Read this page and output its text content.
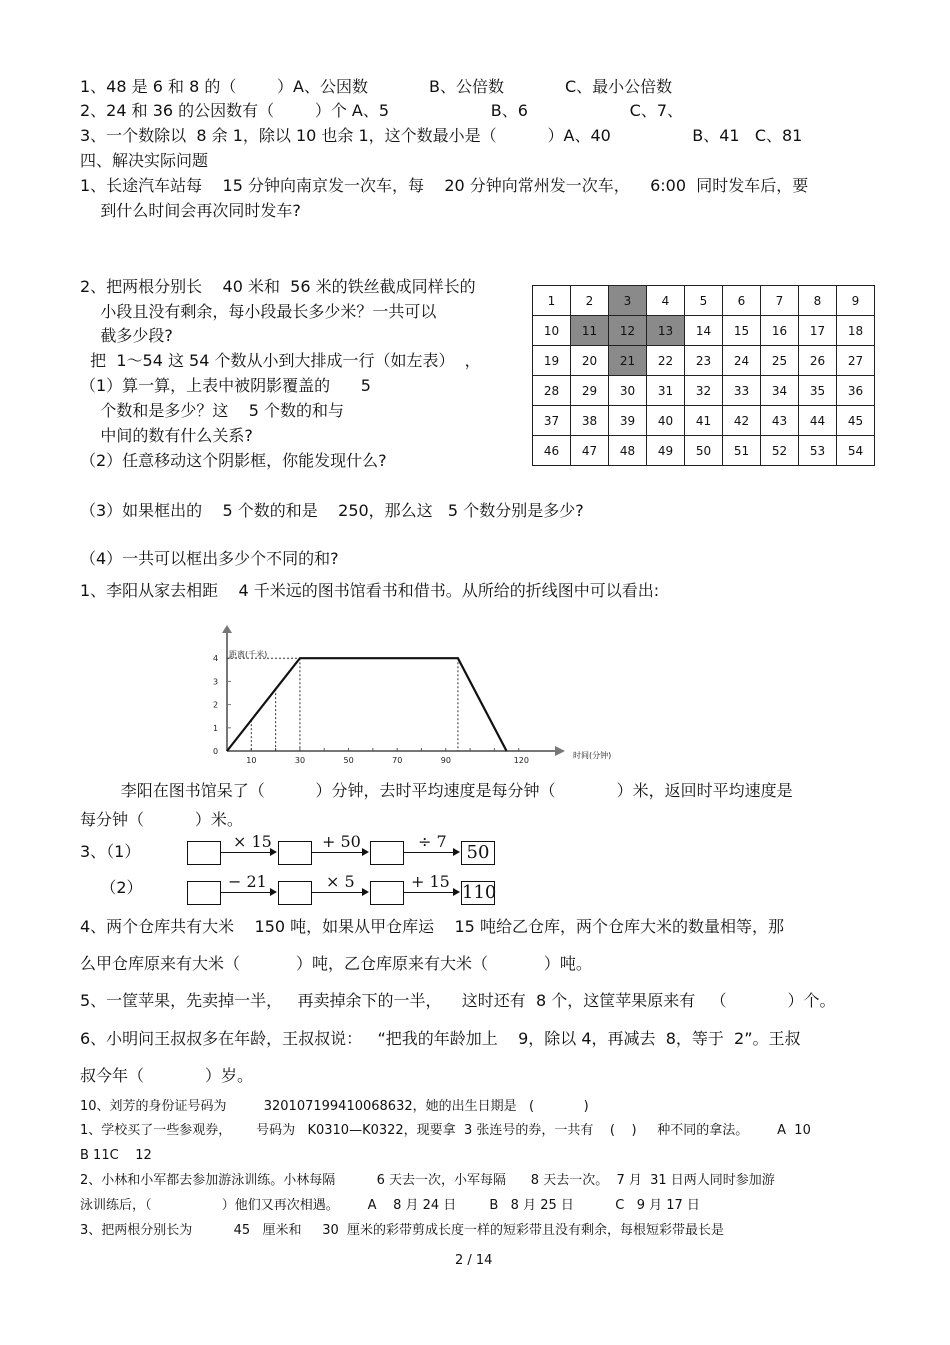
1、48 是 6 和 8 的（        ）A、公因数            B、公倍数            C、最小公倍数
2、24 和 36 的公因数有（        ）个 A、5                    B、6                    C、7、
3、一个数除以  8 余 1，除以 10 也余 1，这个数最小是（          ）A、40                B、41   C、81
四、解决实际问题
1、长途汽车站每    15 分钟向南京发一次车，每    20 分钟向常州发一次车，    6:00  同时发车后，要
到什么时间会再次同时发车?
2、把两根分别长    40 米和  56 米的铁丝截成同样长的
小段且没有剩余，每小段最长多少米？一共可以
截多少段?
把  1～54 这 54 个数从小到大排成一行（如左表）  ，
（1）算一算，上表中被阴影覆盖的      5
个数和是多少？这    5 个数的和与
中间的数有什么关系?
（2）任意移动这个阴影框，你能发现什么?
1	2	3	4	5	6	7	8	9
10	11	12	13	14	15	16	17	18
19	20	21	22	23	24	25	26	27
28	29	30	31	32	33	34	35	36
37	38	39	40	41	42	43	44	45
46	47	48	49	50	51	52	53	54
（3）如果框出的    5 个数的和是    250，那么这   5 个数分别是多少?
（4）一共可以框出多少个不同的和?
1、李阳从家去相距    4 千米远的图书馆看书和借书。从所给的折线图中可以看出:
0
1
2
3
4
10	30	50	70	90	120
距离(千米)
时间(分钟)
李阳在图书馆呆了（          ）分钟，去时平均速度是每分钟（            ）米，返回时平均速度是
每分钟（          ）米。
3、（1）
（2）
× 15	+ 50	÷ 7
50
− 21	× 5	+ 15
110
4、两个仓库共有大米    150 吨，如果从甲仓库运    15 吨给乙仓库，两个仓库大米的数量相等，那
么甲仓库原来有大米（           ）吨，乙仓库原来有大米（           ）吨。
5、一筐苹果，先卖掉一半，   再卖掉余下的一半，    这时还有  8 个，这筐苹果原来有   （            ）个。
6、小明问王叔叔多在年龄，王叔叔说：   “把我的年龄加上    9，除以 4，再减去  8，等于  2”。王叔
叔今年（            ）岁。
10、刘芳的身份证号码为         320107199410068632，她的出生日期是   (            )
1、学校买了一些参观券，      号码为   K0310—K0322，现要拿  3 张连号的券，一共有    (    )     种不同的拿法。       A  10
B 11C    12
2、小林和小军都去参加游泳训练。小林每隔          6 天去一次，小军每隔      8 天去一次。  7 月  31 日两人同时参加游
泳训练后，（                 ）他们又再次相遇。       A    8 月 24 日        B   8 月 25 日          C   9 月 17 日
3、把两根分别长为          45   厘米和     30  厘米的彩带剪成长度一样的短彩带且没有剩余，每根短彩带最长是
2 / 14
